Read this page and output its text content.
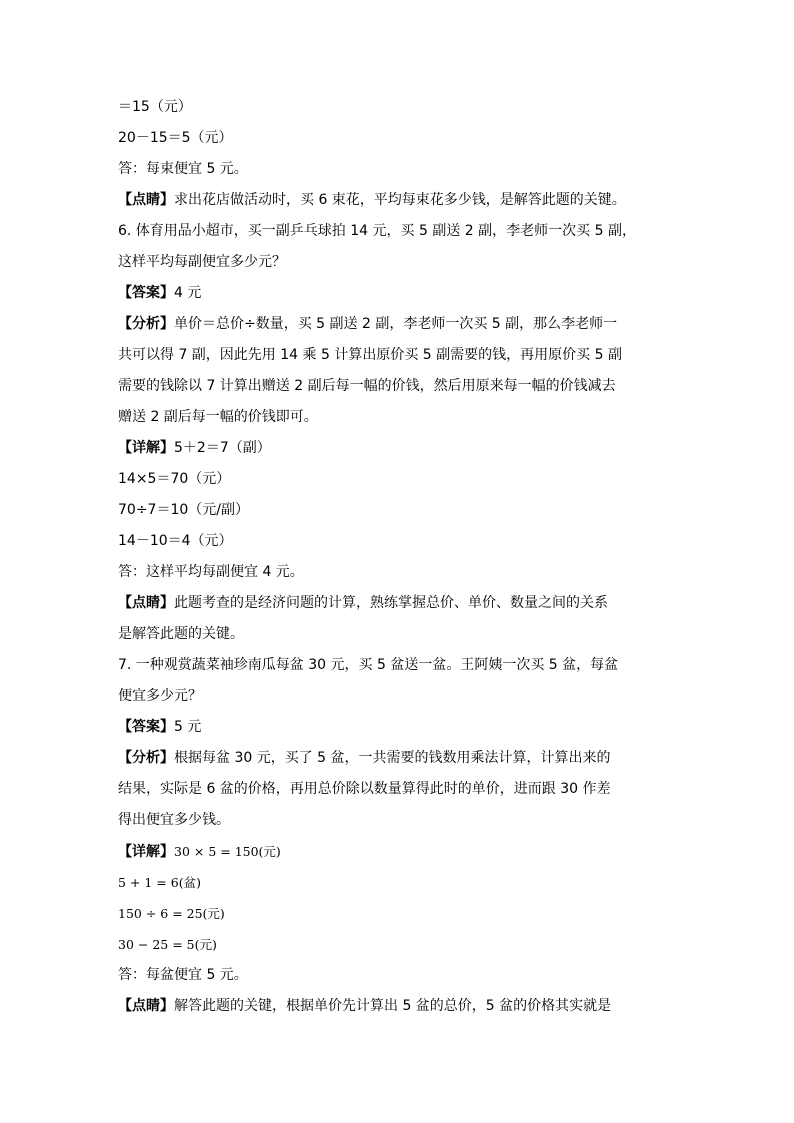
＝15（元）
20－15＝5（元）
答：每束便宜 5 元。
【点睛】求出花店做活动时，买 6 束花，平均每束花多少钱，是解答此题的关键。
6. 体育用品小超市，买一副乒乓球拍 14 元，买 5 副送 2 副，李老师一次买 5 副，
这样平均每副便宜多少元？
【答案】4 元
【分析】单价＝总价÷数量，买 5 副送 2 副，李老师一次买 5 副，那么李老师一
共可以得 7 副，因此先用 14 乘 5 计算出原价买 5 副需要的钱，再用原价买 5 副
需要的钱除以 7 计算出赠送 2 副后每一幅的价钱，然后用原来每一幅的价钱减去
赠送 2 副后每一幅的价钱即可。
【详解】5＋2＝7（副）
14×5＝70（元）
70÷7＝10（元/副）
14－10＝4（元）
答：这样平均每副便宜 4 元。
【点睛】此题考查的是经济问题的计算，熟练掌握总价、单价、数量之间的关系
是解答此题的关键。
7. 一种观赏蔬菜袖珍南瓜每盆 30 元，买 5 盆送一盆。王阿姨一次买 5 盆，每盆
便宜多少元？
【答案】5 元
【分析】根据每盆 30 元，买了 5 盆，一共需要的钱数用乘法计算，计算出来的
结果，实际是 6 盆的价格，再用总价除以数量算得此时的单价，进而跟 30 作差
得出便宜多少钱。
【详解】30 × 5 = 150(元)
5 + 1 = 6(盆)
150 ÷ 6 = 25(元)
30 − 25 = 5(元)
答：每盆便宜 5 元。
【点睛】解答此题的关键，根据单价先计算出 5 盆的总价，5 盆的价格其实就是
